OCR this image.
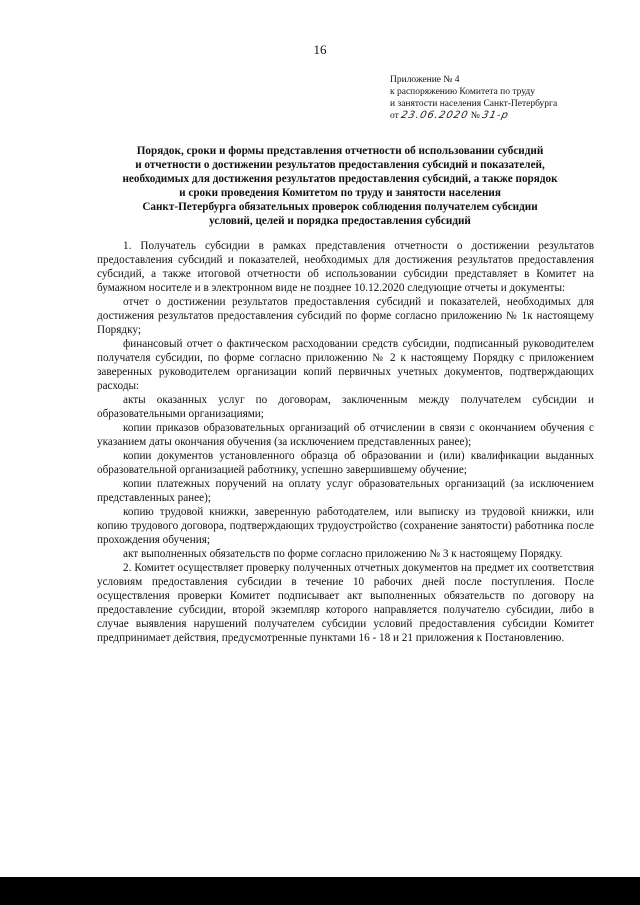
16
Приложение № 4
к распоряжению Комитета по труду
и занятости населения Санкт-Петербурга
от 23.06.2020 № 31-р
Порядок, сроки и формы представления отчетности об использовании субсидий
и отчетности о достижении результатов предоставления субсидий и показателей,
необходимых для достижения результатов предоставления субсидий, а также порядок
и сроки проведения Комитетом по труду и занятости населения
Санкт-Петербурга обязательных проверок соблюдения получателем субсидии
условий, целей и порядка предоставления субсидий

1. Получатель субсидии в рамках представления отчетности о достижении результатов предоставления субсидий и показателей, необходимых для достижения результатов предоставления субсидий, а также итоговой отчетности об использовании субсидии представляет в Комитет на бумажном носителе и в электронном виде не позднее 10.12.2020 следующие отчеты и документы:

отчет о достижении результатов предоставления субсидий и показателей, необходимых для достижения результатов предоставления субсидий по форме согласно приложению № 1к настоящему Порядку;

финансовый отчет о фактическом расходовании средств субсидии, подписанный руководителем получателя субсидии, по форме согласно приложению № 2 к настоящему Порядку с приложением заверенных руководителем организации копий первичных учетных документов, подтверждающих расходы:

акты оказанных услуг по договорам, заключенным между получателем субсидии и образовательными организациями;

копии приказов образовательных организаций об отчислении в связи с окончанием обучения с указанием даты окончания обучения (за исключением представленных ранее);

копии документов установленного образца об образовании и (или) квалификации выданных образовательной организацией работнику, успешно завершившему обучение;

копии платежных поручений на оплату услуг образовательных организаций (за исключением представленных ранее);

копию трудовой книжки, заверенную работодателем, или выписку из трудовой книжки, или копию трудового договора, подтверждающих трудоустройство (сохранение занятости) работника после прохождения обучения;

акт выполненных обязательств по форме согласно приложению № 3 к настоящему Порядку.

2. Комитет осуществляет проверку полученных отчетных документов на предмет их соответствия условиям предоставления субсидии в течение 10 рабочих дней после поступления. После осуществления проверки Комитет подписывает акт выполненных обязательств по договору на предоставление субсидии, второй экземпляр которого направляется получателю субсидии, либо в случае выявления нарушений получателем субсидии условий предоставления субсидии Комитет предпринимает действия, предусмотренные пунктами 16 - 18 и 21 приложения к Постановлению.
